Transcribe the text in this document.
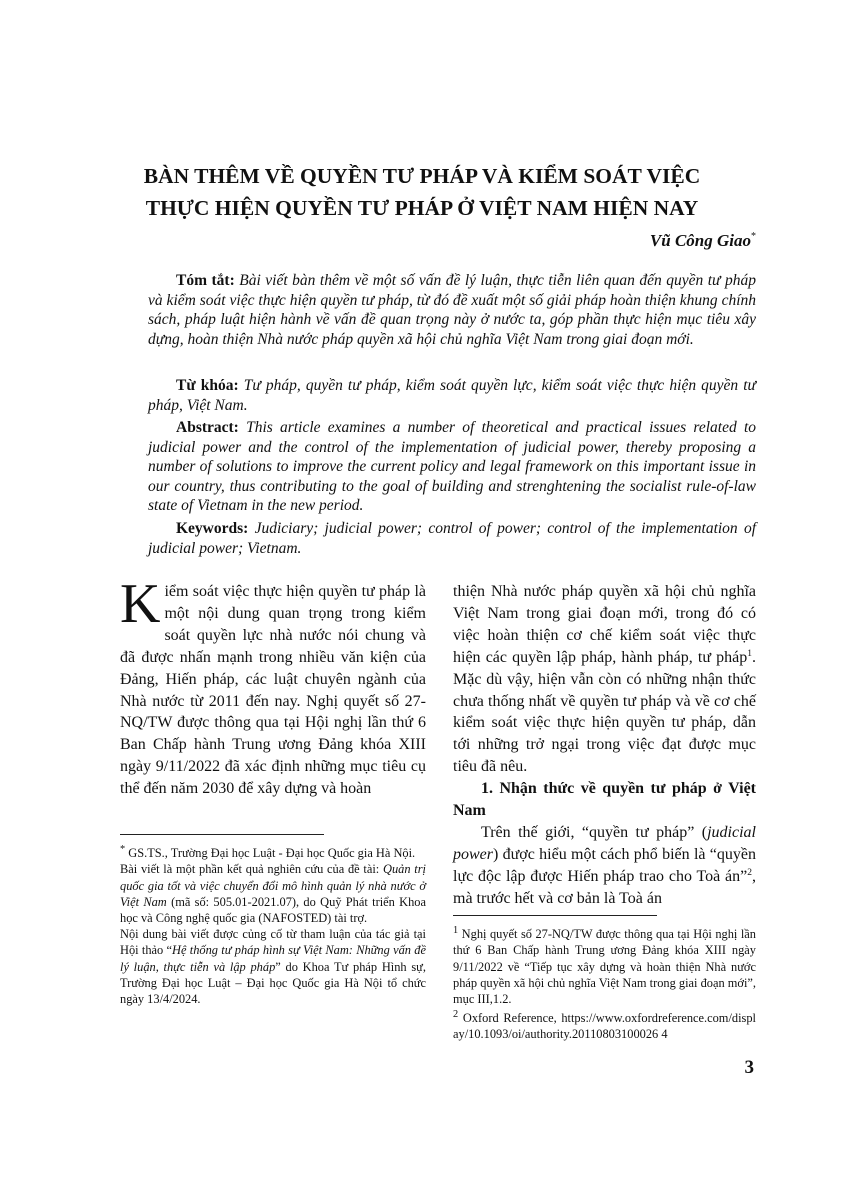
BÀN THÊM VỀ QUYỀN TƯ PHÁP VÀ KIỂM SOÁT VIỆC
THỰC HIỆN QUYỀN TƯ PHÁP Ở VIỆT NAM HIỆN NAY
Vũ Công Giao*

Tóm tắt: Bài viết bàn thêm về một số vấn đề lý luận, thực tiễn liên quan đến quyền tư pháp và kiểm soát việc thực hiện quyền tư pháp, từ đó đề xuất một số giải pháp hoàn thiện khung chính sách, pháp luật hiện hành về vấn đề quan trọng này ở nước ta, góp phần thực hiện mục tiêu xây dựng, hoàn thiện Nhà nước pháp quyền xã hội chủ nghĩa Việt Nam trong giai đoạn mới.

Từ khóa: Tư pháp, quyền tư pháp, kiểm soát quyền lực, kiểm soát việc thực hiện quyền tư pháp, Việt Nam.

Abstract: This article examines a number of theoretical and practical issues related to judicial power and the control of the implementation of judicial power, thereby proposing a number of solutions to improve the current policy and legal framework on this important issue in our country, thus contributing to the goal of building and strenghtening the socialist rule-of-law state of Vietnam in the new period.

Keywords: Judiciary; judicial power; control of power; control of the implementation of judicial power; Vietnam.

Kiểm soát việc thực hiện quyền tư pháp là một nội dung quan trọng trong kiểm soát quyền lực nhà nước nói chung và đã được nhấn mạnh trong nhiều văn kiện của Đảng, Hiến pháp, các luật chuyên ngành của Nhà nước từ 2011 đến nay. Nghị quyết số 27-NQ/TW được thông qua tại Hội nghị lần thứ 6 Ban Chấp hành Trung ương Đảng khóa XIII ngày 9/11/2022 đã xác định những mục tiêu cụ thể đến năm 2030 để xây dựng và hoàn

thiện Nhà nước pháp quyền xã hội chủ nghĩa Việt Nam trong giai đoạn mới, trong đó có việc hoàn thiện cơ chế kiểm soát việc thực hiện các quyền lập pháp, hành pháp, tư pháp$^1$. Mặc dù vậy, hiện vẫn còn có những nhận thức chưa thống nhất về quyền tư pháp và về cơ chế kiểm soát việc thực hiện quyền tư pháp, dẫn tới những trở ngại trong việc đạt được mục tiêu đã nêu.

1. Nhận thức về quyền tư pháp ở Việt Nam

Trên thế giới, “quyền tư pháp” (judicial power) được hiểu một cách phổ biến là “quyền lực độc lập được Hiến pháp trao cho Toà án”$^2$, mà trước hết và cơ bản là Toà án

* GS.TS., Trường Đại học Luật - Đại học Quốc gia Hà Nội.

Bài viết là một phần kết quả nghiên cứu của đề tài: Quản trị quốc gia tốt và việc chuyển đổi mô hình quản lý nhà nước ở Việt Nam (mã số: 505.01-2021.07), do Quỹ Phát triển Khoa học và Công nghệ quốc gia (NAFOSTED) tài trợ.

Nội dung bài viết được củng cố từ tham luận của tác giả tại Hội thảo “Hệ thống tư pháp hình sự Việt Nam: Những vấn đề lý luận, thực tiễn và lập pháp” do Khoa Tư pháp Hình sự, Trường Đại học Luật – Đại học Quốc gia Hà Nội tổ chức ngày 13/4/2024.

$^1$ Nghị quyết số 27-NQ/TW được thông qua tại Hội nghị lần thứ 6 Ban Chấp hành Trung ương Đảng khóa XIII ngày 9/11/2022 về “Tiếp tục xây dựng và hoàn thiện Nhà nước pháp quyền xã hội chủ nghĩa Việt Nam trong giai đoạn mới”, mục III,1.2.

$^2$ Oxford Reference, https://www.oxfordreference.com/display/10.1093/oi/authority.20110803100026 4

3
